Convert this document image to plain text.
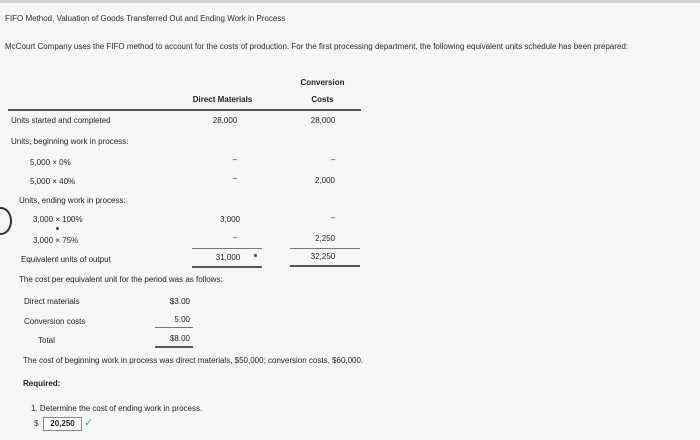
FIFO Method, Valuation of Goods Transferred Out and Ending Work in Process
McCourt Company uses the FIFO method to account for the costs of production. For the first processing department, the following equivalent units schedule has been prepared:
Direct Materials
Conversion
Costs
Units started and completed	28,000	28,000
Units, beginning work in process:
5,000 × 0%	–	–
5,000 × 40%	–	2,000
Units, ending work in process:
3,000 × 100%	3,000	–
3,000 × 75%	–	2,250
Equivalent units of output	31,000	32,250
The cost per equivalent unit for the period was as follows:
Direct materials	$3.00
Conversion costs	5.00
Total	$8.00
The cost of beginning work in process was direct materials, $50,000; conversion costs, $60,000.
Required:
1. Determine the cost of ending work in process.
$	20,250 ✓
